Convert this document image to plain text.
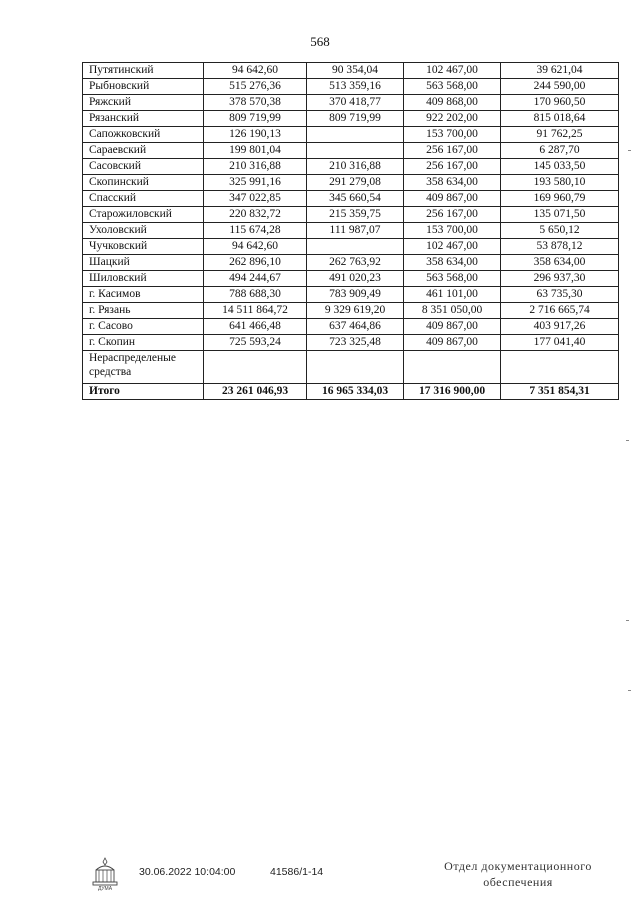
568
Путятинский	94 642,60	90 354,04	102 467,00	39 621,04
Рыбновский	515 276,36	513 359,16	563 568,00	244 590,00
Ряжский	378 570,38	370 418,77	409 868,00	170 960,50
Рязанский	809 719,99	809 719,99	922 202,00	815 018,64
Сапожковский	126 190,13		153 700,00	91 762,25
Сараевский	199 801,04		256 167,00	6 287,70
Сасовский	210 316,88	210 316,88	256 167,00	145 033,50
Скопинский	325 991,16	291 279,08	358 634,00	193 580,10
Спасский	347 022,85	345 660,54	409 867,00	169 960,79
Старожиловский	220 832,72	215 359,75	256 167,00	135 071,50
Ухоловский	115 674,28	111 987,07	153 700,00	5 650,12
Чучковский	94 642,60		102 467,00	53 878,12
Шацкий	262 896,10	262 763,92	358 634,00	358 634,00
Шиловский	494 244,67	491 020,23	563 568,00	296 937,30
г. Касимов	788 688,30	783 909,49	461 101,00	63 735,30
г. Рязань	14 511 864,72	9 329 619,20	8 351 050,00	2 716 665,74
г. Сасово	641 466,48	637 464,86	409 867,00	403 917,26
г. Скопин	725 593,24	723 325,48	409 867,00	177 041,40
Нераспределеные средства				
Итого	23 261 046,93	16 965 334,03	17 316 900,00	7 351 854,31
ДУМА
30.06.2022 10:04:00	41586/1-14	Отдел документационного
обеспечения
